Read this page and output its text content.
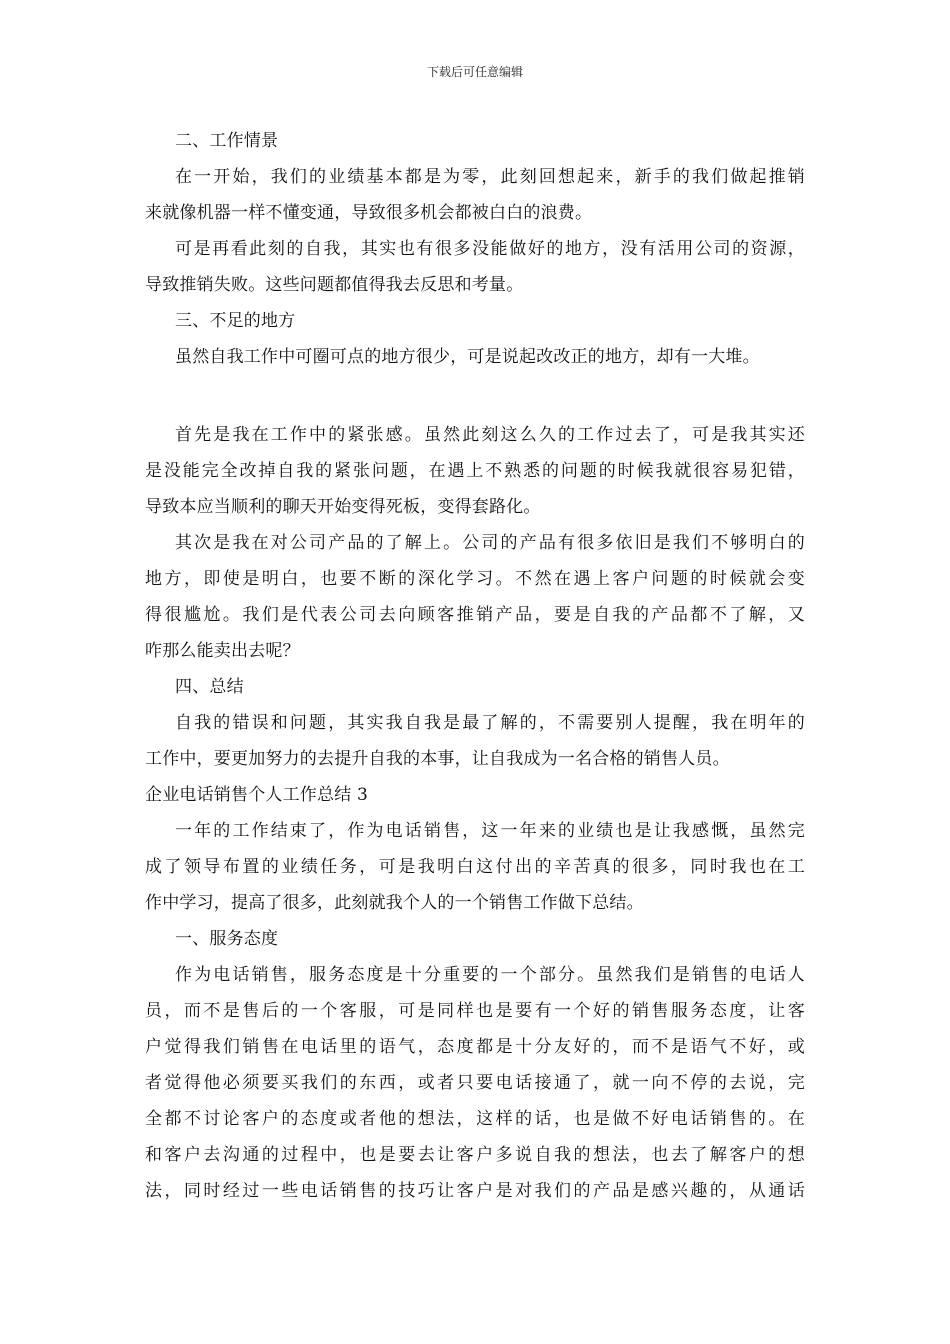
下载后可任意编辑
二、工作情景
在一开始，我们的业绩基本都是为零，此刻回想起来，新手的我们做起推销
来就像机器一样不懂变通，导致很多机会都被白白的浪费。
可是再看此刻的自我，其实也有很多没能做好的地方，没有活用公司的资源，
导致推销失败。这些问题都值得我去反思和考量。
三、不足的地方
虽然自我工作中可圈可点的地方很少，可是说起改改正的地方，却有一大堆。
首先是我在工作中的紧张感。虽然此刻这么久的工作过去了，可是我其实还
是没能完全改掉自我的紧张问题，在遇上不熟悉的问题的时候我就很容易犯错，
导致本应当顺利的聊天开始变得死板，变得套路化。
其次是我在对公司产品的了解上。公司的产品有很多依旧是我们不够明白的
地方，即使是明白，也要不断的深化学习。不然在遇上客户问题的时候就会变
得很尴尬。我们是代表公司去向顾客推销产品，要是自我的产品都不了解，又
咋那么能卖出去呢？
四、总结
自我的错误和问题，其实我自我是最了解的，不需要别人提醒，我在明年的
工作中，要更加努力的去提升自我的本事，让自我成为一名合格的销售人员。
企业电话销售个人工作总结 3
一年的工作结束了，作为电话销售，这一年来的业绩也是让我感慨，虽然完
成了领导布置的业绩任务，可是我明白这付出的辛苦真的很多，同时我也在工
作中学习，提高了很多，此刻就我个人的一个销售工作做下总结。
一、服务态度
作为电话销售，服务态度是十分重要的一个部分。虽然我们是销售的电话人
员，而不是售后的一个客服，可是同样也是要有一个好的销售服务态度，让客
户觉得我们销售在电话里的语气，态度都是十分友好的，而不是语气不好，或
者觉得他必须要买我们的东西，或者只要电话接通了，就一向不停的去说，完
全都不讨论客户的态度或者他的想法，这样的话，也是做不好电话销售的。在
和客户去沟通的过程中，也是要去让客户多说自我的想法，也去了解客户的想
法，同时经过一些电话销售的技巧让客户是对我们的产品是感兴趣的，从通话
